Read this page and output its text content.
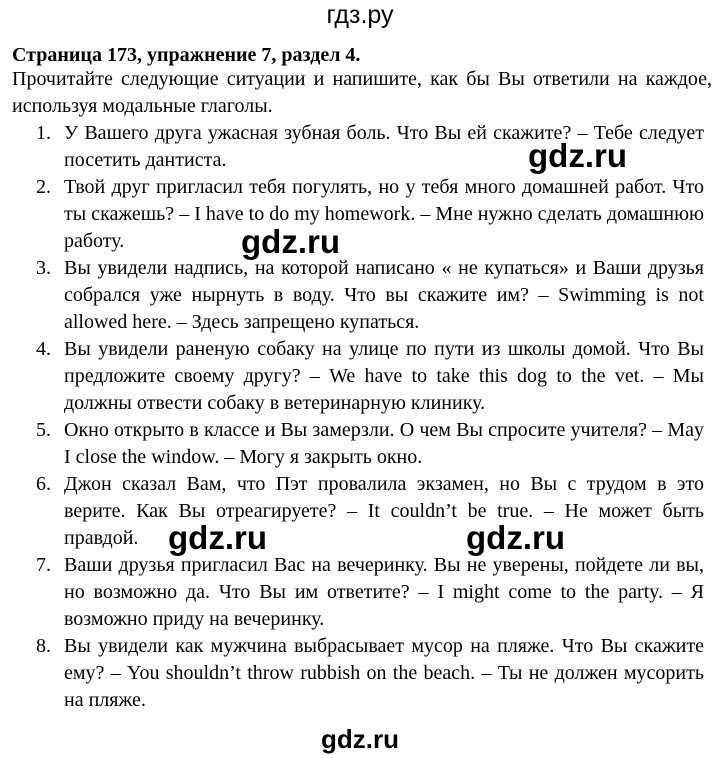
гдз.ру
Страница 173, упражнение 7, раздел 4.
Прочитайте следующие ситуации и напишите, как бы Вы ответили на каждое, используя модальные глаголы.
1. У Вашего друга ужасная зубная боль. Что Вы ей скажите? – Тебе следует посетить дантиста.
2. Твой друг пригласил тебя погулять, но у тебя много домашней работ. Что ты скажешь? – I have to do my homework. – Мне нужно сделать домашнюю работу.
3. Вы увидели надпись, на которой написано « не купаться» и Ваши друзья собрался уже нырнуть в воду. Что вы скажите им? – Swimming is not allowed here. – Здесь запрещено купаться.
4. Вы увидели раненую собаку на улице по пути из школы домой. Что Вы предложите своему другу? – We have to take this dog to the vet. – Мы должны отвести собаку в ветеринарную клинику.
5. Окно открыто в классе и Вы замерзли. О чем Вы спросите учителя? – May I close the window. – Могу я закрыть окно.
6. Джон сказал Вам, что Пэт провалила экзамен, но Вы с трудом в это верите. Как Вы отреагируете? – It couldn’t be true. – Не может быть правдой.
7. Ваши друзья пригласил Вас на вечеринку. Вы не уверены, пойдете ли вы, но возможно да. Что Вы им ответите? – I might come to the party. – Я возможно приду на вечеринку.
8. Вы увидели как мужчина выбрасывает мусор на пляже. Что Вы скажите ему? – You shouldn’t throw rubbish on the beach. – Ты не должен мусорить на пляже.
gdz.ru
gdz.ru
gdz.ru	gdz.ru
gdz.ru
